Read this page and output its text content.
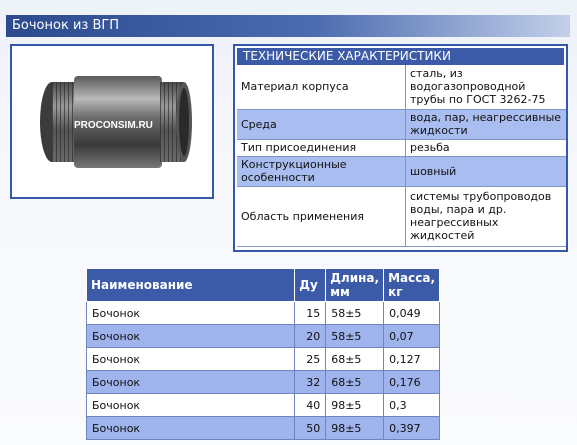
Бочонок из ВГП
PROCONSIM.RU
ТЕХНИЧЕСКИЕ ХАРАКТЕРИСТИКИ
Материал корпуса	сталь, из водогазопроводной трубы по ГОСТ 3262-75
Среда	вода, пар, неагрессивные жидкости
Тип присоединения	резьба
Конструкционные особенности	шовный
Область применения	системы трубопроводов воды, пара и др. неагрессивных жидкостей
Наименование	Ду	Длина, мм	Масса, кг
Бочонок	15	58±5	0,049
Бочонок	20	58±5	0,07
Бочонок	25	68±5	0,127
Бочонок	32	68±5	0,176
Бочонок	40	98±5	0,3
Бочонок	50	98±5	0,397
